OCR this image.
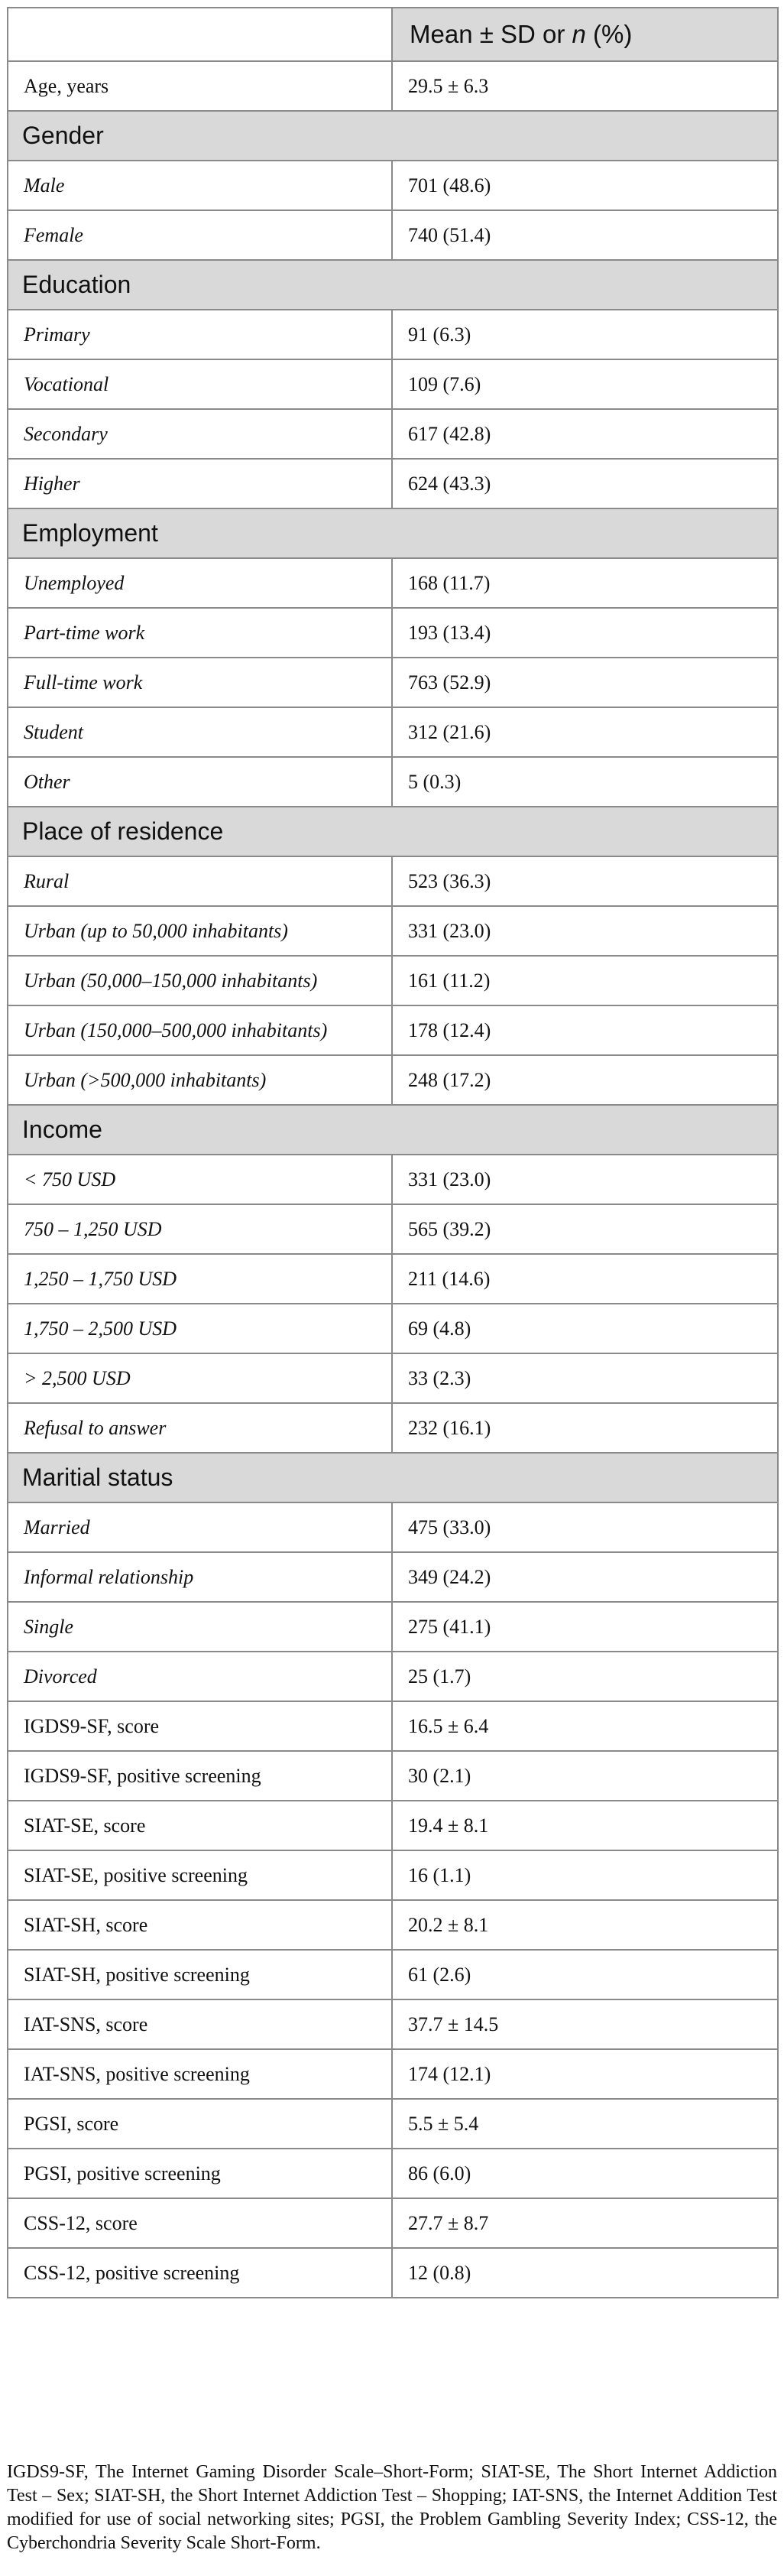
	Mean ± SD or n (%)
Age, years	29.5 ± 6.3
Gender	
Male	701 (48.6)
Female	740 (51.4)
Education	
Primary	91 (6.3)
Vocational	109 (7.6)
Secondary	617 (42.8)
Higher	624 (43.3)
Employment	
Unemployed	168 (11.7)
Part-time work	193 (13.4)
Full-time work	763 (52.9)
Student	312 (21.6)
Other	5 (0.3)
Place of residence	
Rural	523 (36.3)
Urban (up to 50,000 inhabitants)	331 (23.0)
Urban (50,000–150,000 inhabitants)	161 (11.2)
Urban (150,000–500,000 inhabitants)	178 (12.4)
Urban (>500,000 inhabitants)	248 (17.2)
Income	
< 750 USD	331 (23.0)
750 – 1,250 USD	565 (39.2)
1,250 – 1,750 USD	211 (14.6)
1,750 – 2,500 USD	69 (4.8)
> 2,500 USD	33 (2.3)
Refusal to answer	232 (16.1)
Maritial status	
Married	475 (33.0)
Informal relationship	349 (24.2)
Single	275 (41.1)
Divorced	25 (1.7)
IGDS9-SF, score	16.5 ± 6.4
IGDS9-SF, positive screening	30 (2.1)
SIAT-SE, score	19.4 ± 8.1
SIAT-SE, positive screening	16 (1.1)
SIAT-SH, score	20.2 ± 8.1
SIAT-SH, positive screening	61 (2.6)
IAT-SNS, score	37.7 ± 14.5
IAT-SNS, positive screening	174 (12.1)
PGSI, score	5.5 ± 5.4
PGSI, positive screening	86 (6.0)
CSS-12, score	27.7 ± 8.7
CSS-12, positive screening	12 (0.8)
IGDS9-SF, The Internet Gaming Disorder Scale–Short-Form; SIAT-SE, The Short Internet Addiction Test – Sex; SIAT-SH, the Short Internet Addiction Test – Shopping; IAT-SNS, the Internet Addition Test modified for use of social networking sites; PGSI, the Problem Gambling Severity Index; CSS-12, the Cyberchondria Severity Scale Short-Form.
